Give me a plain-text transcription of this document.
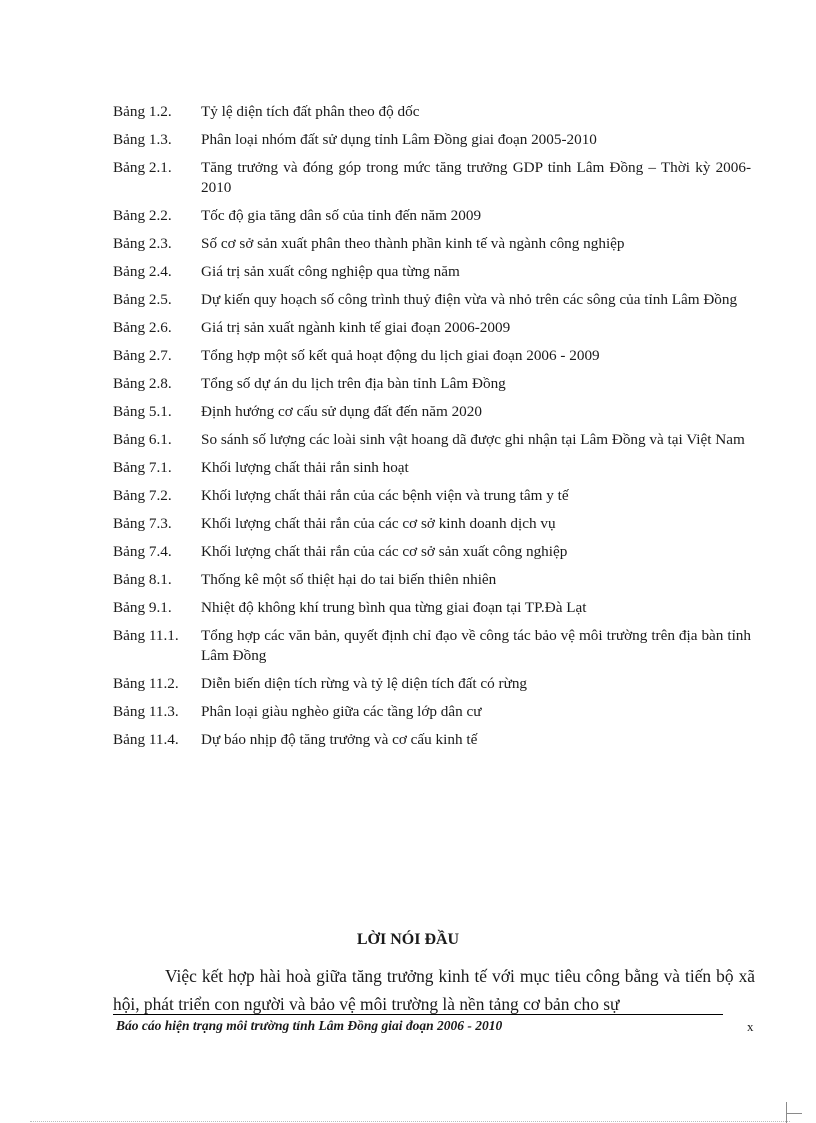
Bảng 1.2.	Tỷ lệ diện tích đất phân theo độ dốc
Bảng 1.3.	Phân loại nhóm đất sử dụng tỉnh Lâm Đồng giai đoạn 2005-2010
Bảng 2.1.	Tăng trưởng và đóng góp trong mức tăng trưởng GDP tỉnh Lâm Đồng – Thời kỳ 2006-2010
Bảng 2.2.	Tốc độ gia tăng dân số của tỉnh đến năm 2009
Bảng 2.3.	Số cơ sở sản xuất phân theo thành phần kinh tế và ngành công nghiệp
Bảng 2.4.	Giá trị sản xuất công nghiệp qua từng năm
Bảng 2.5.	Dự kiến quy hoạch số công trình thuỷ điện vừa và nhỏ trên các sông của tỉnh Lâm Đồng
Bảng 2.6.	Giá trị sản xuất ngành kinh tế giai đoạn 2006-2009
Bảng 2.7.	Tổng hợp một số kết quả hoạt động du lịch giai đoạn 2006 - 2009
Bảng 2.8.	Tổng số dự án du lịch trên địa bàn tỉnh Lâm Đồng
Bảng 5.1.	Định hướng cơ cấu sử dụng đất đến năm 2020
Bảng 6.1.	So sánh số lượng các loài sinh vật hoang dã được ghi nhận tại Lâm Đồng và tại Việt Nam
Bảng 7.1.	Khối lượng chất thải rắn sinh hoạt
Bảng 7.2.	Khối lượng chất thải rắn của các bệnh viện và trung tâm y tế
Bảng 7.3.	Khối lượng chất thải rắn của các cơ sở kinh doanh dịch vụ
Bảng 7.4.	Khối lượng chất thải rắn của các cơ sở sản xuất công nghiệp
Bảng 8.1.	Thống kê một số thiệt hại do tai biến thiên nhiên
Bảng 9.1.	Nhiệt độ không khí trung bình qua từng giai đoạn tại TP.Đà Lạt
Bảng 11.1.	Tổng hợp các văn bản, quyết định chỉ đạo về công tác bảo vệ môi trường trên địa bàn tỉnh Lâm Đồng
Bảng 11.2.	Diễn biến diện tích rừng và tỷ lệ diện tích đất có rừng
Bảng 11.3.	Phân loại giàu nghèo giữa các tầng lớp dân cư
Bảng 11.4.	Dự báo nhịp độ tăng trưởng và cơ cấu kinh tế
LỜI NÓI ĐẦU
Việc kết hợp hài hoà giữa tăng trưởng kinh tế với mục tiêu công bằng và tiến bộ xã hội, phát triển con người và bảo vệ môi trường là nền tảng cơ bản cho sự
Báo cáo hiện trạng môi trường tỉnh Lâm Đồng giai đoạn 2006 - 2010	x
